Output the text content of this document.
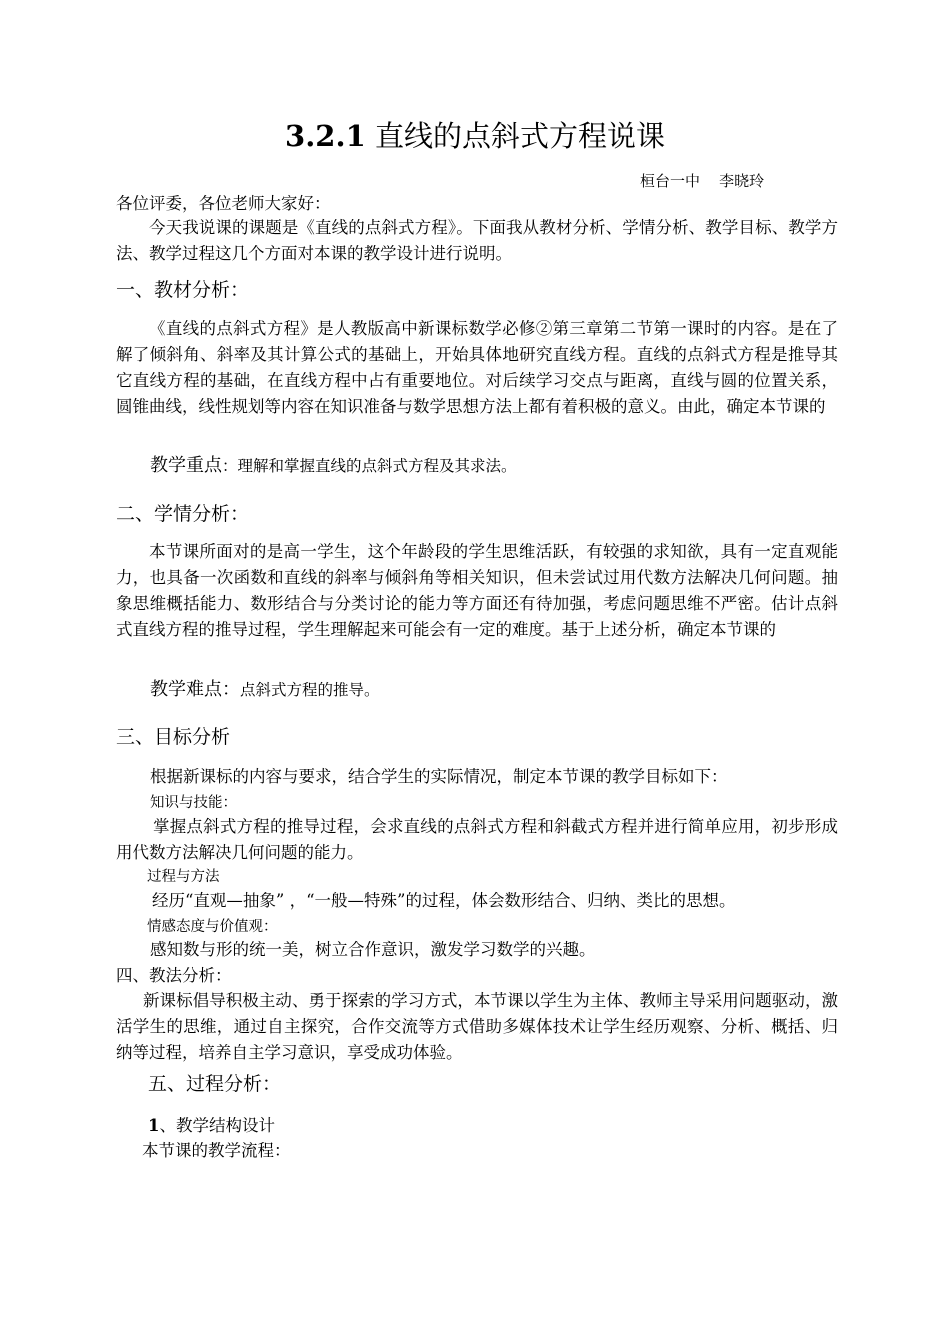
3.2.1 直线的点斜式方程说课
桓台一中    李晓玲
各位评委，各位老师大家好：
今天我说课的课题是《直线的点斜式方程》。下面我从教材分析、学情分析、教学目标、教学方法、教学过程这几个方面对本课的教学设计进行说明。
一、教材分析：
《直线的点斜式方程》是人教版高中新课标数学必修②第三章第二节第一课时的内容。是在了解了倾斜角、斜率及其计算公式的基础上，开始具体地研究直线方程。直线的点斜式方程是推导其它直线方程的基础，在直线方程中占有重要地位。对后续学习交点与距离，直线与圆的位置关系，圆锥曲线，线性规划等内容在知识准备与数学思想方法上都有着积极的意义。由此，确定本节课的
教学重点：理解和掌握直线的点斜式方程及其求法。
二、学情分析：
本节课所面对的是高一学生，这个年龄段的学生思维活跃，有较强的求知欲，具有一定直观能力，也具备一次函数和直线的斜率与倾斜角等相关知识，但未尝试过用代数方法解决几何问题。抽象思维概括能力、数形结合与分类讨论的能力等方面还有待加强，考虑问题思维不严密。估计点斜式直线方程的推导过程，学生理解起来可能会有一定的难度。基于上述分析，确定本节课的
教学难点：点斜式方程的推导。
三、目标分析
根据新课标的内容与要求，结合学生的实际情况，制定本节课的教学目标如下：
知识与技能：
掌握点斜式方程的推导过程，会求直线的点斜式方程和斜截式方程并进行简单应用，初步形成用代数方法解决几何问题的能力。
过程与方法
经历“直观—抽象” ，“一般—特殊”的过程，体会数形结合、归纳、类比的思想。
情感态度与价值观：
感知数与形的统一美，树立合作意识，激发学习数学的兴趣。
四、教法分析：
新课标倡导积极主动、勇于探索的学习方式，本节课以学生为主体、教师主导采用问题驱动，激活学生的思维，通过自主探究，合作交流等方式借助多媒体技术让学生经历观察、分析、概括、归纳等过程，培养自主学习意识，享受成功体验。
五、过程分析：
1、教学结构设计
本节课的教学流程：
